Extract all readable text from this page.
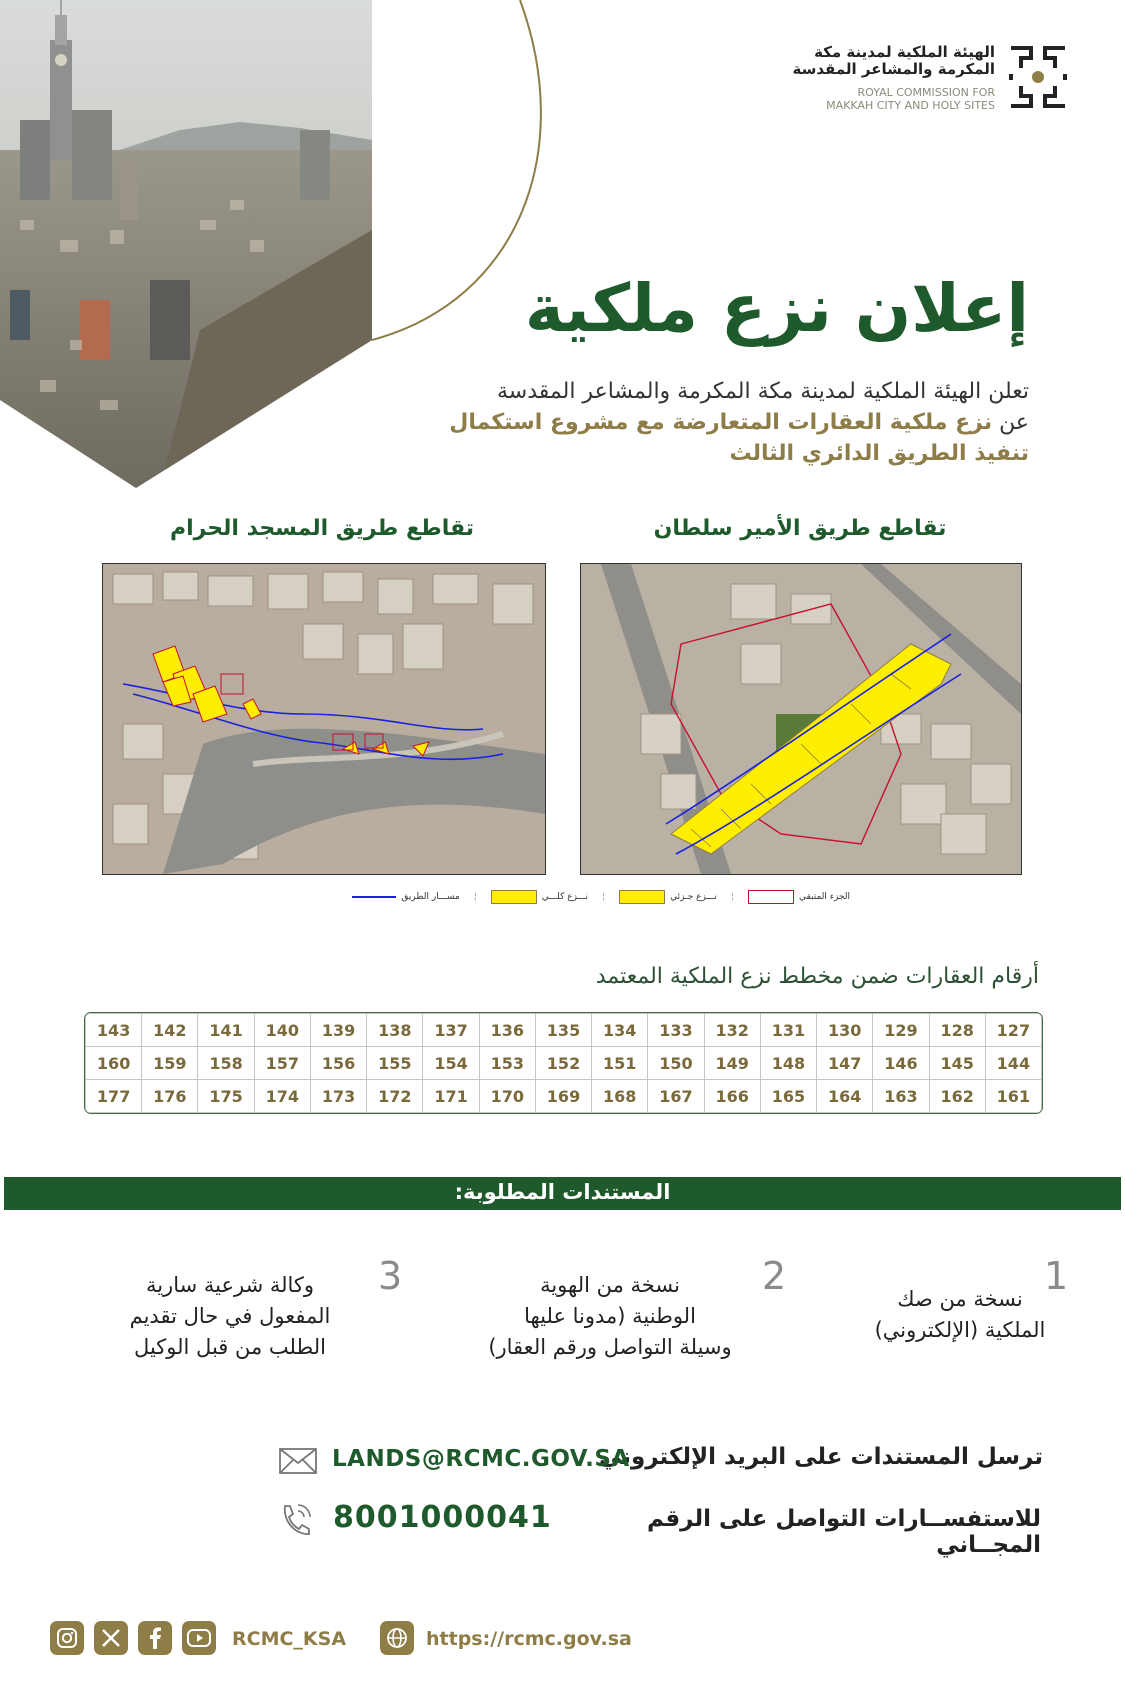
الهيئة الملكية لمدينة مكة
المكرمة والمشاعر المقدسة
ROYAL COMMISSION FOR
MAKKAH CITY AND HOLY SITES
إعلان نزع ملكية
تعلن الهيئة الملكية لمدينة مكة المكرمة والمشاعر المقدسة
عن نزع ملكية العقارات المتعارضة مع مشروع استكمال
تنفيذ الطريق الدائري الثالث
تقاطع طريق الأمير سلطان
تقاطع طريق المسجد الحرام
الجزء المتبقي
¦
نـــزع جـزئي
¦
نـــزع كلـــي
¦
مســـار الطريق
أرقام العقارات ضمن مخطط نزع الملكية المعتمد
127	128	129	130	131	132	133	134	135	136	137	138	139	140	141	142	143
144	145	146	147	148	149	150	151	152	153	154	155	156	157	158	159	160
161	162	163	164	165	166	167	168	169	170	171	172	173	174	175	176	177
المستندات المطلوبة:
1
نسخة من صك
الملكية (الإلكتروني)
2
نسخة من الهوية
الوطنية (مدونا عليها
وسيلة التواصل ورقم العقار)
3
وكالة شرعية سارية
المفعول في حال تقديم
الطلب من قبل الوكيل
ترسل المستندات على البريد الإلكتروني
LANDS@RCMC.GOV.SA
للاستفســارات التواصل على الرقم المجــاني
8001000041
RCMC_KSA	https://rcmc.gov.sa
